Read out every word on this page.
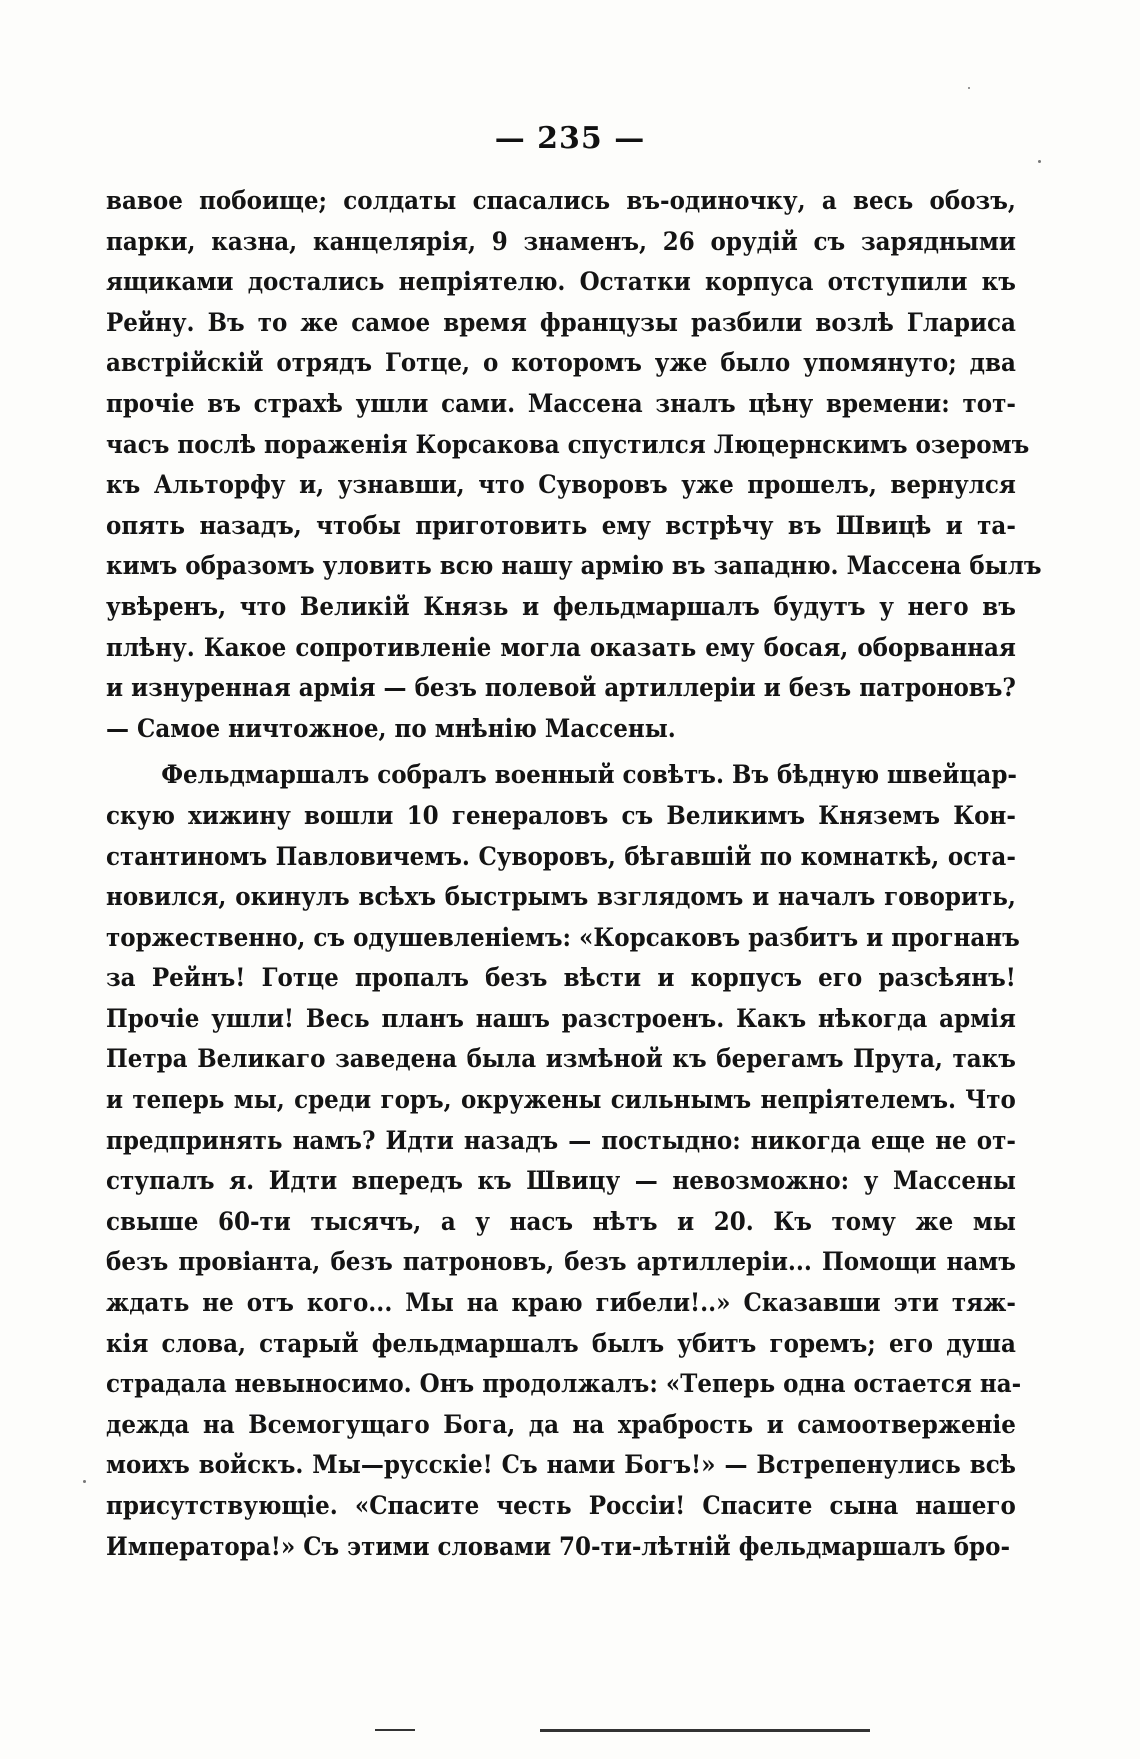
— 235 —
вавое побоище; солдаты спасались въ-одиночку, а весь обозъ,
парки, казна, канцелярія, 9 знаменъ, 26 орудій съ зарядными
ящиками достались непріятелю. Остатки корпуса отступили къ
Рейну. Въ то же самое время французы разбили возлѣ Глариса
австрійскій отрядъ Готце, о которомъ уже было упомянуто; два
прочіе въ страхѣ ушли сами. Массена зналъ цѣну времени: тот-
часъ послѣ пораженія Корсакова спустился Люцернскимъ озеромъ
къ Альторфу и, узнавши, что Суворовъ уже прошелъ, вернулся
опять назадъ, чтобы приготовить ему встрѣчу въ Швицѣ и та-
кимъ образомъ уловить всю нашу армію въ западню. Массена былъ
увѣренъ, что Великій Князь и фельдмаршалъ будутъ у него въ
плѣну. Какое сопротивленіе могла оказать ему босая, оборванная
и изнуренная армія — безъ полевой артиллеріи и безъ патроновъ?
— Самое ничтожное, по мнѣнію Массены.
Фельдмаршалъ собралъ военный совѣтъ. Въ бѣдную швейцар-
скую хижину вошли 10 генераловъ съ Великимъ Княземъ Кон-
стантиномъ Павловичемъ. Суворовъ, бѣгавшій по комнаткѣ, оста-
новился, окинулъ всѣхъ быстрымъ взглядомъ и началъ говорить,
торжественно, съ одушевленіемъ: «Корсаковъ разбитъ и прогнанъ
за Рейнъ! Готце пропалъ безъ вѣсти и корпусъ его разсѣянъ!
Прочіе ушли! Весь планъ нашъ разстроенъ. Какъ нѣкогда армія
Петра Великаго заведена была измѣной къ берегамъ Прута, такъ
и теперь мы, среди горъ, окружены сильнымъ непріятелемъ. Что
предпринять намъ? Идти назадъ — постыдно: никогда еще не от-
ступалъ я. Идти впередъ къ Швицу — невозможно: у Массены
свыше 60-ти тысячъ, а у насъ нѣтъ и 20. Къ тому же мы
безъ провіанта, безъ патроновъ, безъ артиллеріи... Помощи намъ
ждать не отъ кого... Мы на краю гибели!..» Сказавши эти тяж-
кія слова, старый фельдмаршалъ былъ убитъ горемъ; его душа
страдала невыносимо. Онъ продолжалъ: «Теперь одна остается на-
дежда на Всемогущаго Бога, да на храбрость и самоотверженіе
моихъ войскъ. Мы—русскіе! Съ нами Богъ!» — Встрепенулись всѣ
присутствующіе. «Спасите честь Россіи! Спасите сына нашего
Императора!» Съ этими словами 70-ти-лѣтній фельдмаршалъ бро-
